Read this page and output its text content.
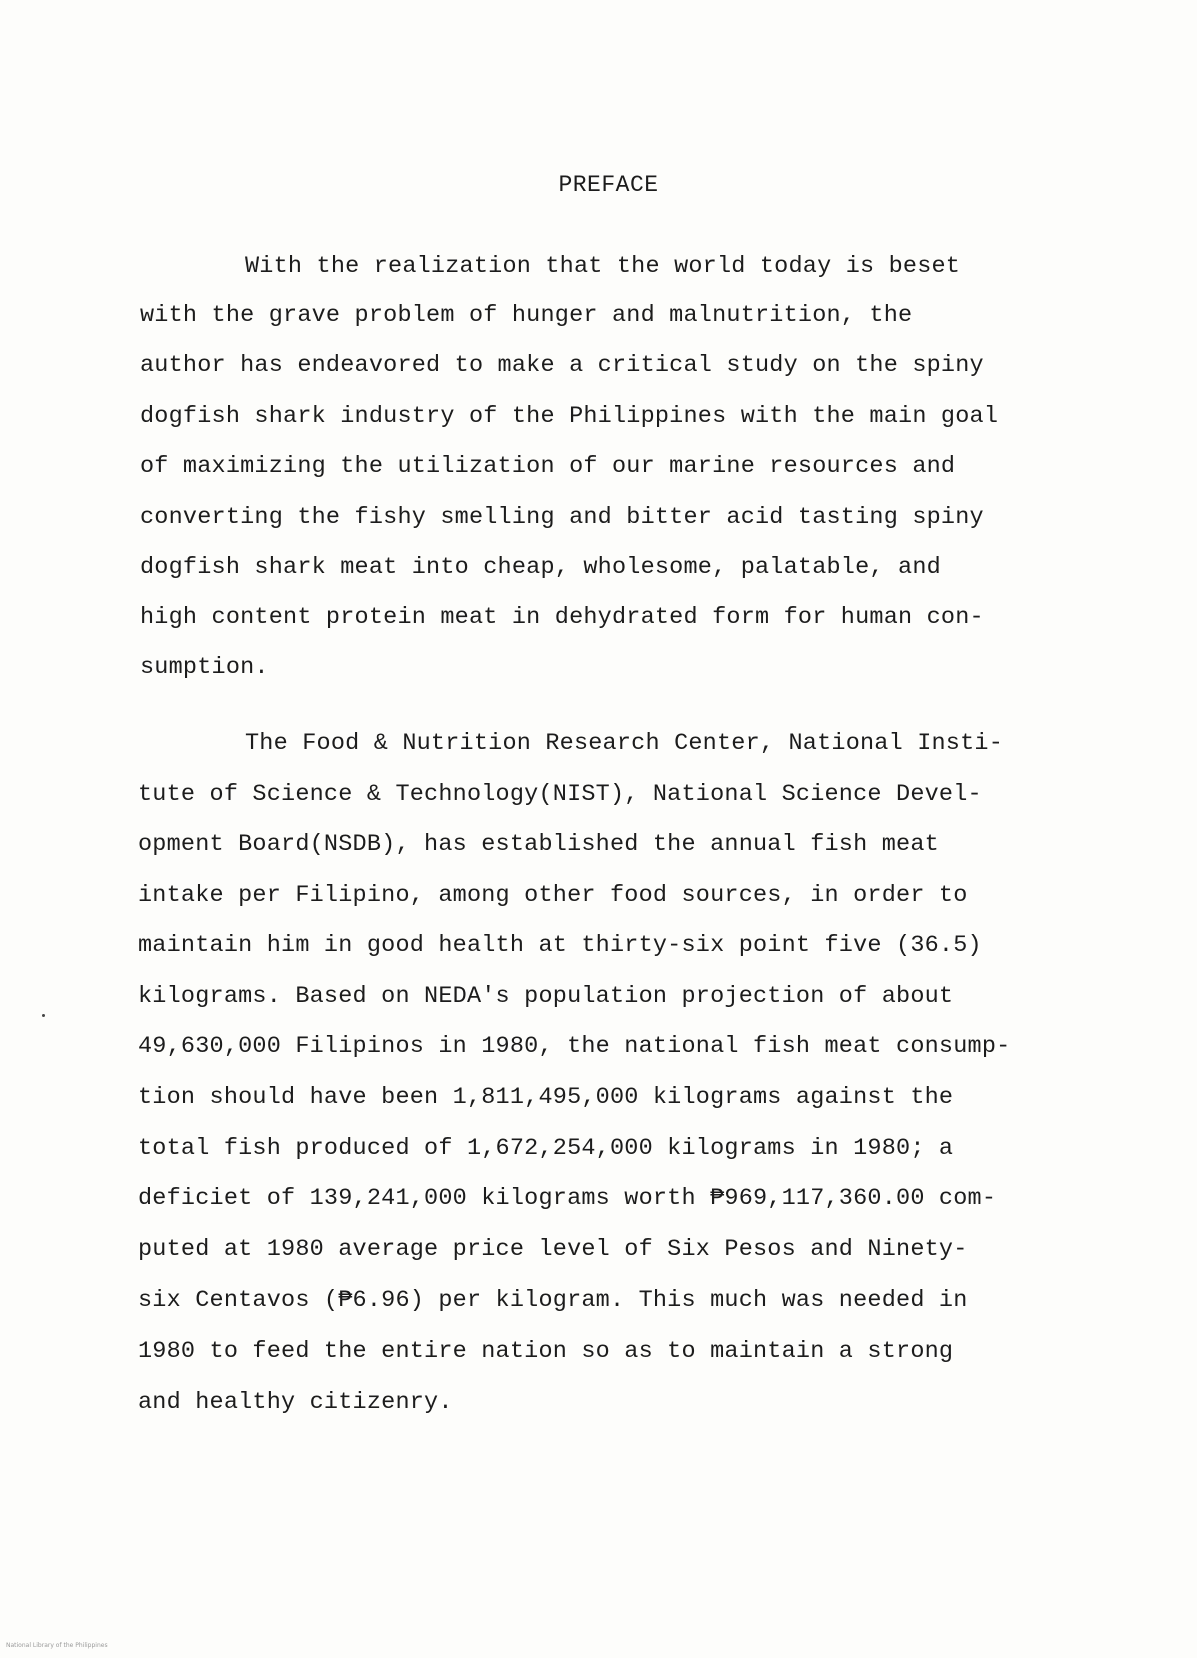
PREFACE
With the realization that the world today is beset
with the grave problem of hunger and malnutrition, the
author has endeavored to make a critical study on the spiny
dogfish shark industry of the Philippines with the main goal
of maximizing the utilization of our marine resources and
converting the fishy smelling and bitter acid tasting spiny
dogfish shark meat into cheap, wholesome, palatable, and
high content protein meat in dehydrated form for human con-
sumption.
The Food & Nutrition Research Center, National Insti-
tute of Science & Technology(NIST), National Science Devel-
opment Board(NSDB), has established the annual fish meat
intake per Filipino, among other food sources, in order to
maintain him in good health at thirty-six point five (36.5)
kilograms. Based on NEDA's population projection of about
49,630,000 Filipinos in 1980, the national fish meat consump-
tion should have been 1,811,495,000 kilograms against the
total fish produced of 1,672,254,000 kilograms in 1980; a
deficiet of 139,241,000 kilograms worth ₱969,117,360.00 com-
puted at 1980 average price level of Six Pesos and Ninety-
six Centavos (₱6.96) per kilogram. This much was needed in
1980 to feed the entire nation so as to maintain a strong
and healthy citizenry.
National Library of the Philippines
